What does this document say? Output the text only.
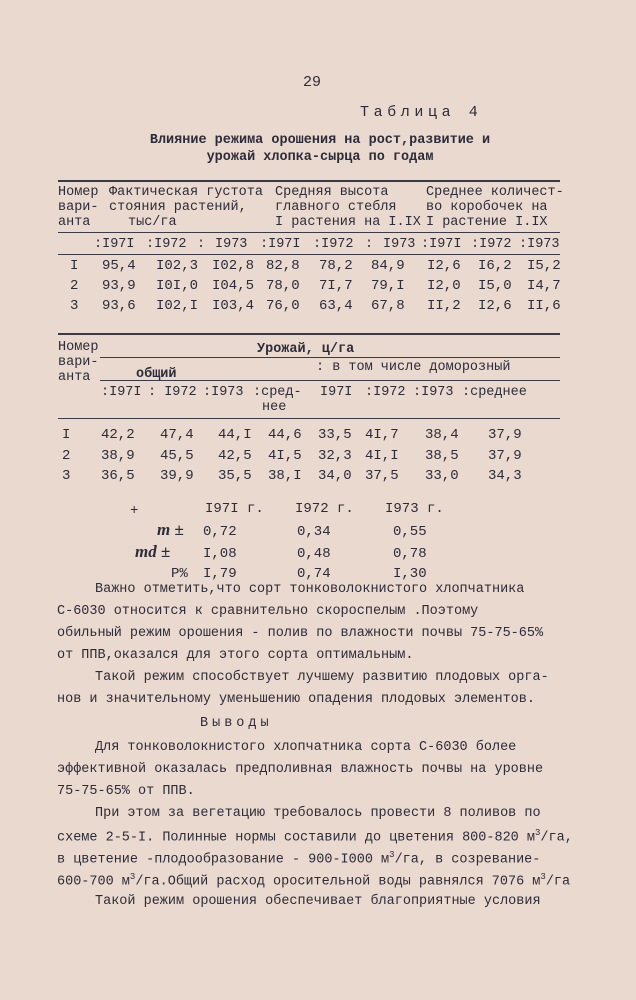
29
Таблица 4
Влияние режима орошения на рост,развитие и
урожай хлопка-сырца по годам
Номер
вари-
анта
Фактическая густота
стояния растений,
тыс/га
Средняя высота
главного стебля
I растения на I.IX
Среднее количест-
во коробочек на
I растение I.IX
:I97I :I972 : I973 :I97I :I972 : I973 :I97I :I972 :I973
I 95,4 I02,3 I02,8 82,8 78,2 84,9 I2,6 I6,2 I5,2
2 93,9 I0I,0 I04,5 78,0 7I,7 79,I I2,0 I5,0 I4,7
3 93,6 I02,I I03,4 76,0 63,4 67,8 II,2 I2,6 II,6
Номер
вари-
анта
Урожай, ц/га
: в том числе доморозный
общий
:I97I : I972 :I973 :сред- I97I :I972 :I973 :среднее
нее
I 42,2 47,4 44,I 44,6 33,5 4I,7 38,4 37,9
2 38,9 45,5 42,5 4I,5 32,3 4I,I 38,5 37,9
3 36,5 39,9 35,5 38,I 34,0 37,5 33,0 34,3
+	I97I г. I972 г. I973 г.
m ± 0,72	0,34	0,55
md ± I,08	0,48	0,78
P% I,79	0,74	I,30
Важно отметить,что сорт тонковолокнистого хлопчатника
С-6030 относится к сравнительно скороспелым .Поэтому
обильный режим орошения - полив по влажности почвы 75-75-65%
от ППВ,оказался для этого сорта оптимальным.
Такой режим способствует лучшему развитию плодовых орга-
нов и значительному уменьшению опадения плодовых элементов.
Выводы
Для тонковолокнистого хлопчатника сорта С-6030 более
эффективной оказалась предполивная влажность почвы на уровне
75-75-65% от ППВ.
При этом за вегетацию требовалось провести 8 поливов по
схеме 2-5-I. Полинные нормы составили до цветения 800-820 $м^3/га$,
в цветение -плодообразование - 900-I000 $м^3/га$, в созревание-
600-700 $м^3/га.Общий$ расход оросительной воды равнялся 7076 $м^3/га$
Такой режим орошения обеспечивает благоприятные условия
